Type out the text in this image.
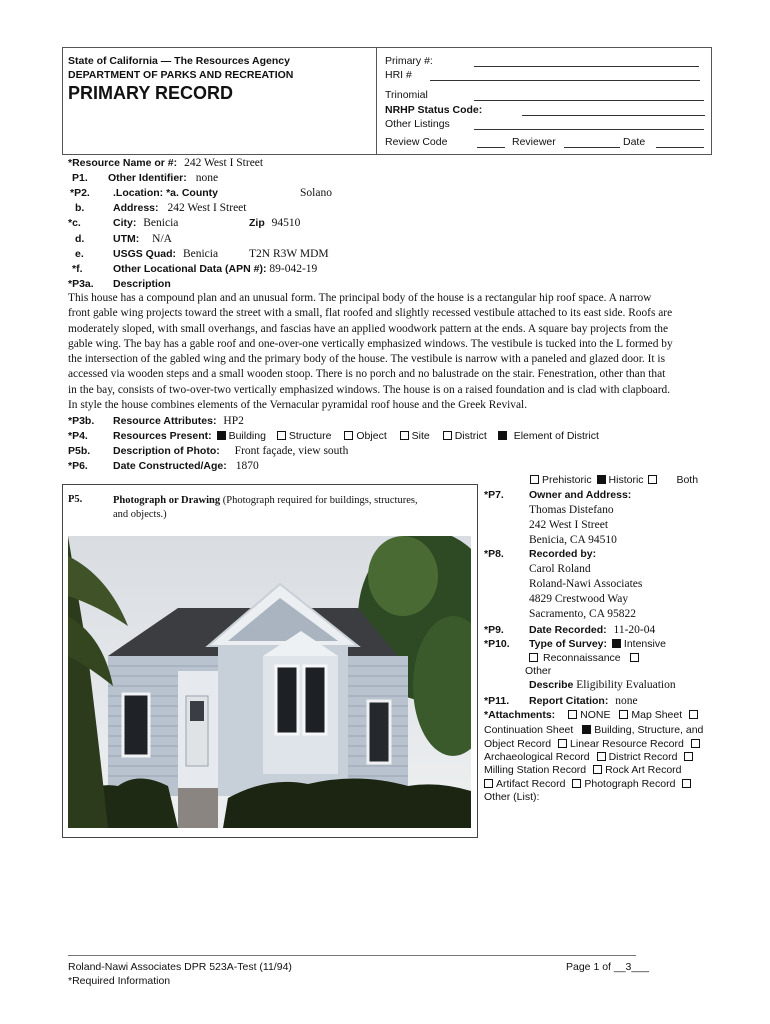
State of California — The Resources Agency
DEPARTMENT OF PARKS AND RECREATION
PRIMARY RECORD
Primary #:
HRI #
Trinomial
NRHP Status Code:
Other Listings
Review Code	Reviewer	Date
*Resource Name or #: 242 West I Street
P1. Other Identifier: none
*P2. .Location: *a. County	Solano
b.	Address: 242 West I Street
*c.	City: Benicia	Zip 94510
d.	UTM: N/A
e.	USGS Quad: Benicia	T2N R3W MDM
*f.	Other Locational Data (APN #): 89-042-19
*P3a. Description
This house has a compound plan and an unusual form. The principal body of the house is a rectangular hip roof space. A narrow
front gable wing projects toward the street with a small, flat roofed and slightly recessed vestibule attached to its east side. Roofs are
moderately sloped, with small overhangs, and fascias have an applied woodwork pattern at the ends. A square bay projects from the
gable wing. The bay has a gable roof and one-over-one vertically emphasized windows. The vestibule is tucked into the L formed by
the intersection of the gabled wing and the primary body of the house. The vestibule is narrow with a paneled and glazed door. It is
accessed via wooden steps and a small wooden stoop. There is no porch and no balustrade on the stair. Fenestration, other than that
in the bay, consists of two-over-two vertically emphasized windows. The house is on a raised foundation and is clad with clapboard.
In style the house combines elements of the Vernacular pyramidal roof house and the Greek Revival.
*P3b. Resource Attributes: HP2
*P4. Resources Present: Building Structure Object Site District	Element of District
P5b. Description of Photo: Front façade, view south
*P6. Date Constructed/Age: 1870
Prehistoric Historic	Both
P5.	Photograph or Drawing (Photograph required for buildings, structures,
and objects.)
*P7. Owner and Address:
Thomas Distefano
242 West I Street
Benicia, CA 94510
*P8. Recorded by:
Carol Roland
Roland-Nawi Associates
4829 Crestwood Way
Sacramento, CA 95822
*P9. Date Recorded: 11-20-04
*P10. Type of Survey: Intensive
Reconnaissance
Other
Describe Eligibility Evaluation
*P11. Report Citation: none
*Attachments: NONE Map Sheet
Continuation Sheet Building, Structure, and
Object Record Linear Resource Record
Archaeological Record District Record
Milling Station Record Rock Art Record
Artifact Record Photograph Record
Other (List):
Roland-Nawi Associates DPR 523A-Test (11/94)
*Required Information
Page 1 of __3___
